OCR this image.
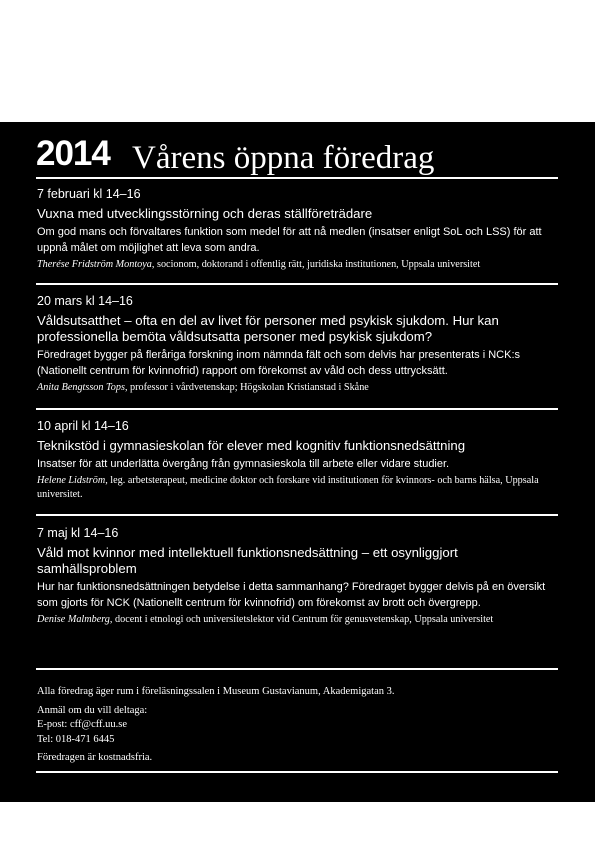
2014 Vårens öppna föredrag
7 februari kl 14–16
Vuxna med utvecklingsstörning och deras ställföreträdare
Om god mans och förvaltares funktion som medel för att nå medlen (insatser enligt SoL och LSS) för att uppnå målet om möjlighet att leva som andra.
Therése Fridström Montoya, socionom, doktorand i offentlig rätt, juridiska institutionen, Uppsala universitet
20 mars kl 14–16
Våldsutsatthet – ofta en del av livet för personer med psykisk sjukdom. Hur kan professionella bemöta våldsutsatta personer med psykisk sjukdom?
Föredraget bygger på fleråriga forskning inom nämnda fält och som delvis har presenterats i NCK:s (Nationellt centrum för kvinnofrid) rapport om förekomst av våld och dess uttrycksätt.
Anita Bengtsson Tops, professor i vårdvetenskap; Högskolan Kristianstad i Skåne
10 april kl 14–16
Teknikstöd i gymnasieskolan för elever med kognitiv funktionsnedsättning
Insatser för att underlätta övergång från gymnasieskola till arbete eller vidare studier.
Helene Lidström, leg. arbetsterapeut, medicine doktor och forskare vid institutionen för kvinnors- och barns hälsa, Uppsala universitet.
7 maj kl 14–16
Våld mot kvinnor med intellektuell funktionsnedsättning – ett osynliggjort samhällsproblem
Hur har funktionsnedsättningen betydelse i detta sammanhang? Föredraget bygger delvis på en översikt som gjorts för NCK (Nationellt centrum för kvinnofrid) om förekomst av brott och övergrepp.
Denise Malmberg, docent i etnologi och universitetslektor vid Centrum för genusvetenskap, Uppsala universitet
Alla föredrag äger rum i föreläsningssalen i Museum Gustavianum, Akademigatan 3.
Anmäl om du vill deltaga:
E-post: cff@cff.uu.se
Tel: 018-471 6445
Föredragen är kostnadsfria.
